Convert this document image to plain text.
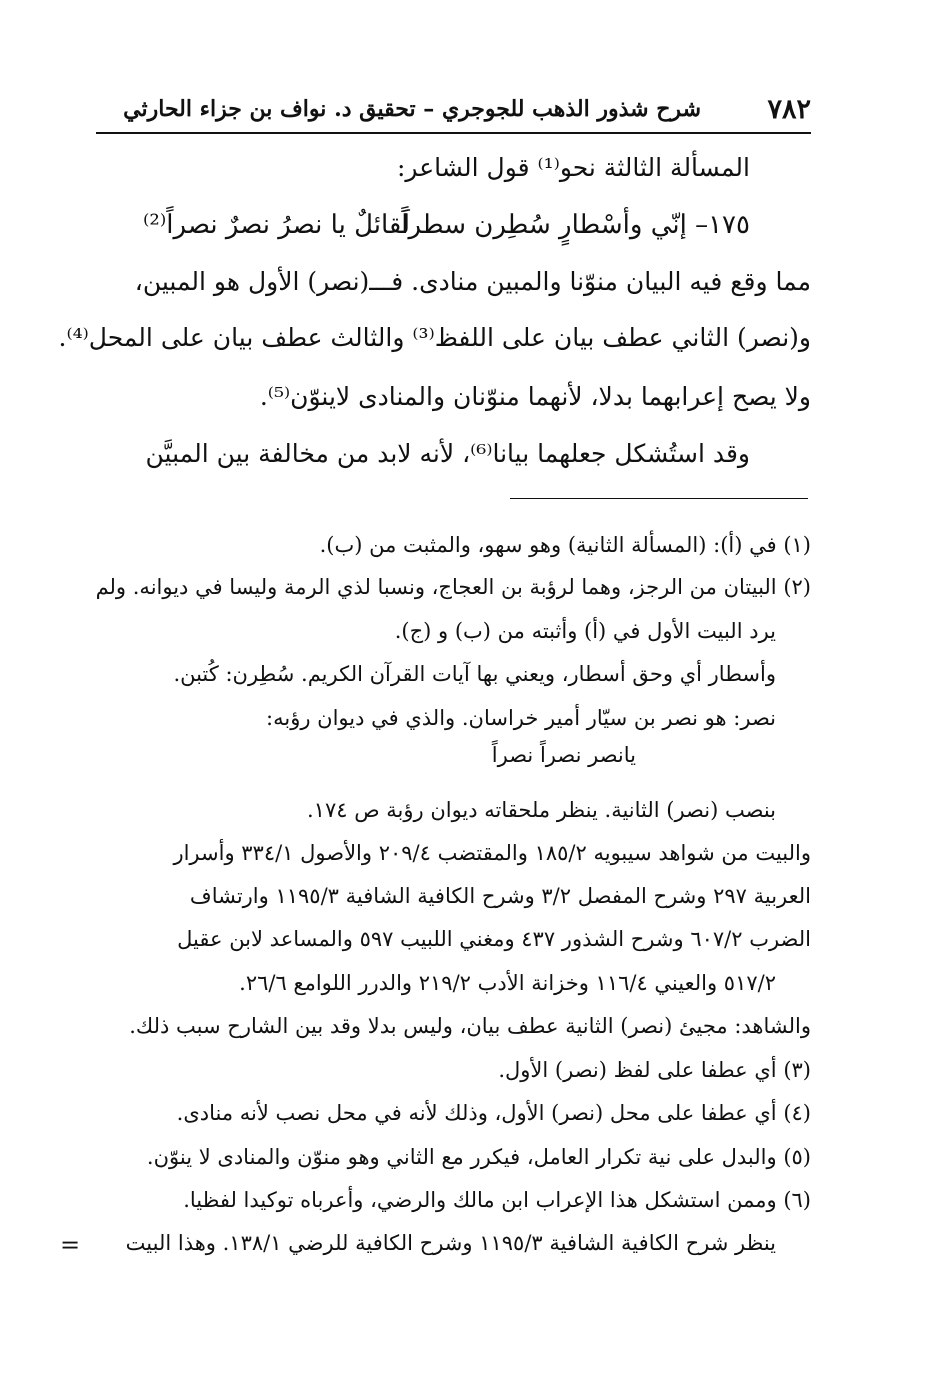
٧٨٢
شرح شذور الذهب للجوجري – تحقيق د. نواف بن جزاء الحارثي
المسألة الثالثة نحو⁽¹⁾ قول الشاعر:
١٧٥– إنّي وأسْطارٍ سُطِرن سطراً
لَقائلٌ يا نصرُ نصرٌ نصراً⁽²⁾
مما وقع فيه البيان منوّنا والمبين منادى. فـــ(نصر) الأول هو المبين،
و(نصر) الثاني عطف بيان على اللفظ⁽³⁾ والثالث عطف بيان على المحل⁽⁴⁾.
ولا يصح إعرابهما بدلا، لأنهما منوّنان والمنادى لاينوّن⁽⁵⁾.
وقد استُشكل جعلهما بيانا⁽⁶⁾، لأنه لابد من مخالفة بين المبيَّن
(١) في (أ): (المسألة الثانية) وهو سهو، والمثبت من (ب).
(٢) البيتان من الرجز، وهما لرؤبة بن العجاج، ونسبا لذي الرمة وليسا في ديوانه. ولم
يرد البيت الأول في (أ) وأثبته من (ب) و (ج).
وأسطار أي وحق أسطار، ويعني بها آيات القرآن الكريم. سُطِرن: كُتبن.
نصر: هو نصر بن سيّار أمير خراسان. والذي في ديوان رؤبه:
يانصر نصراً نصراً
بنصب (نصر) الثانية. ينظر ملحقاته ديوان رؤبة ص ١٧٤.
والبيت من شواهد سيبويه ١٨٥/٢ والمقتضب ٢٠٩/٤ والأصول ٣٣٤/١ وأسرار
العربية ٢٩٧ وشرح المفصل ٣/٢ وشرح الكافية الشافية ١١٩٥/٣ وارتشاف
الضرب ٦٠٧/٢ وشرح الشذور ٤٣٧ ومغني اللبيب ٥٩٧ والمساعد لابن عقيل
٥١٧/٢ والعيني ١١٦/٤ وخزانة الأدب ٢١٩/٢ والدرر اللوامع ٢٦/٦.
والشاهد: مجيئ (نصر) الثانية عطف بيان، وليس بدلا وقد بين الشارح سبب ذلك.
(٣) أي عطفا على لفظ (نصر) الأول.
(٤) أي عطفا على محل (نصر) الأول، وذلك لأنه في محل نصب لأنه منادى.
(٥) والبدل على نية تكرار العامل، فيكرر مع الثاني وهو منوّن والمنادى لا ينوّن.
(٦) وممن استشكل هذا الإعراب ابن مالك والرضي، وأعرباه توكيدا لفظيا.
ينظر شرح الكافية الشافية ١١٩٥/٣ وشرح الكافية للرضي ١٣٨/١. وهذا البيت
=
